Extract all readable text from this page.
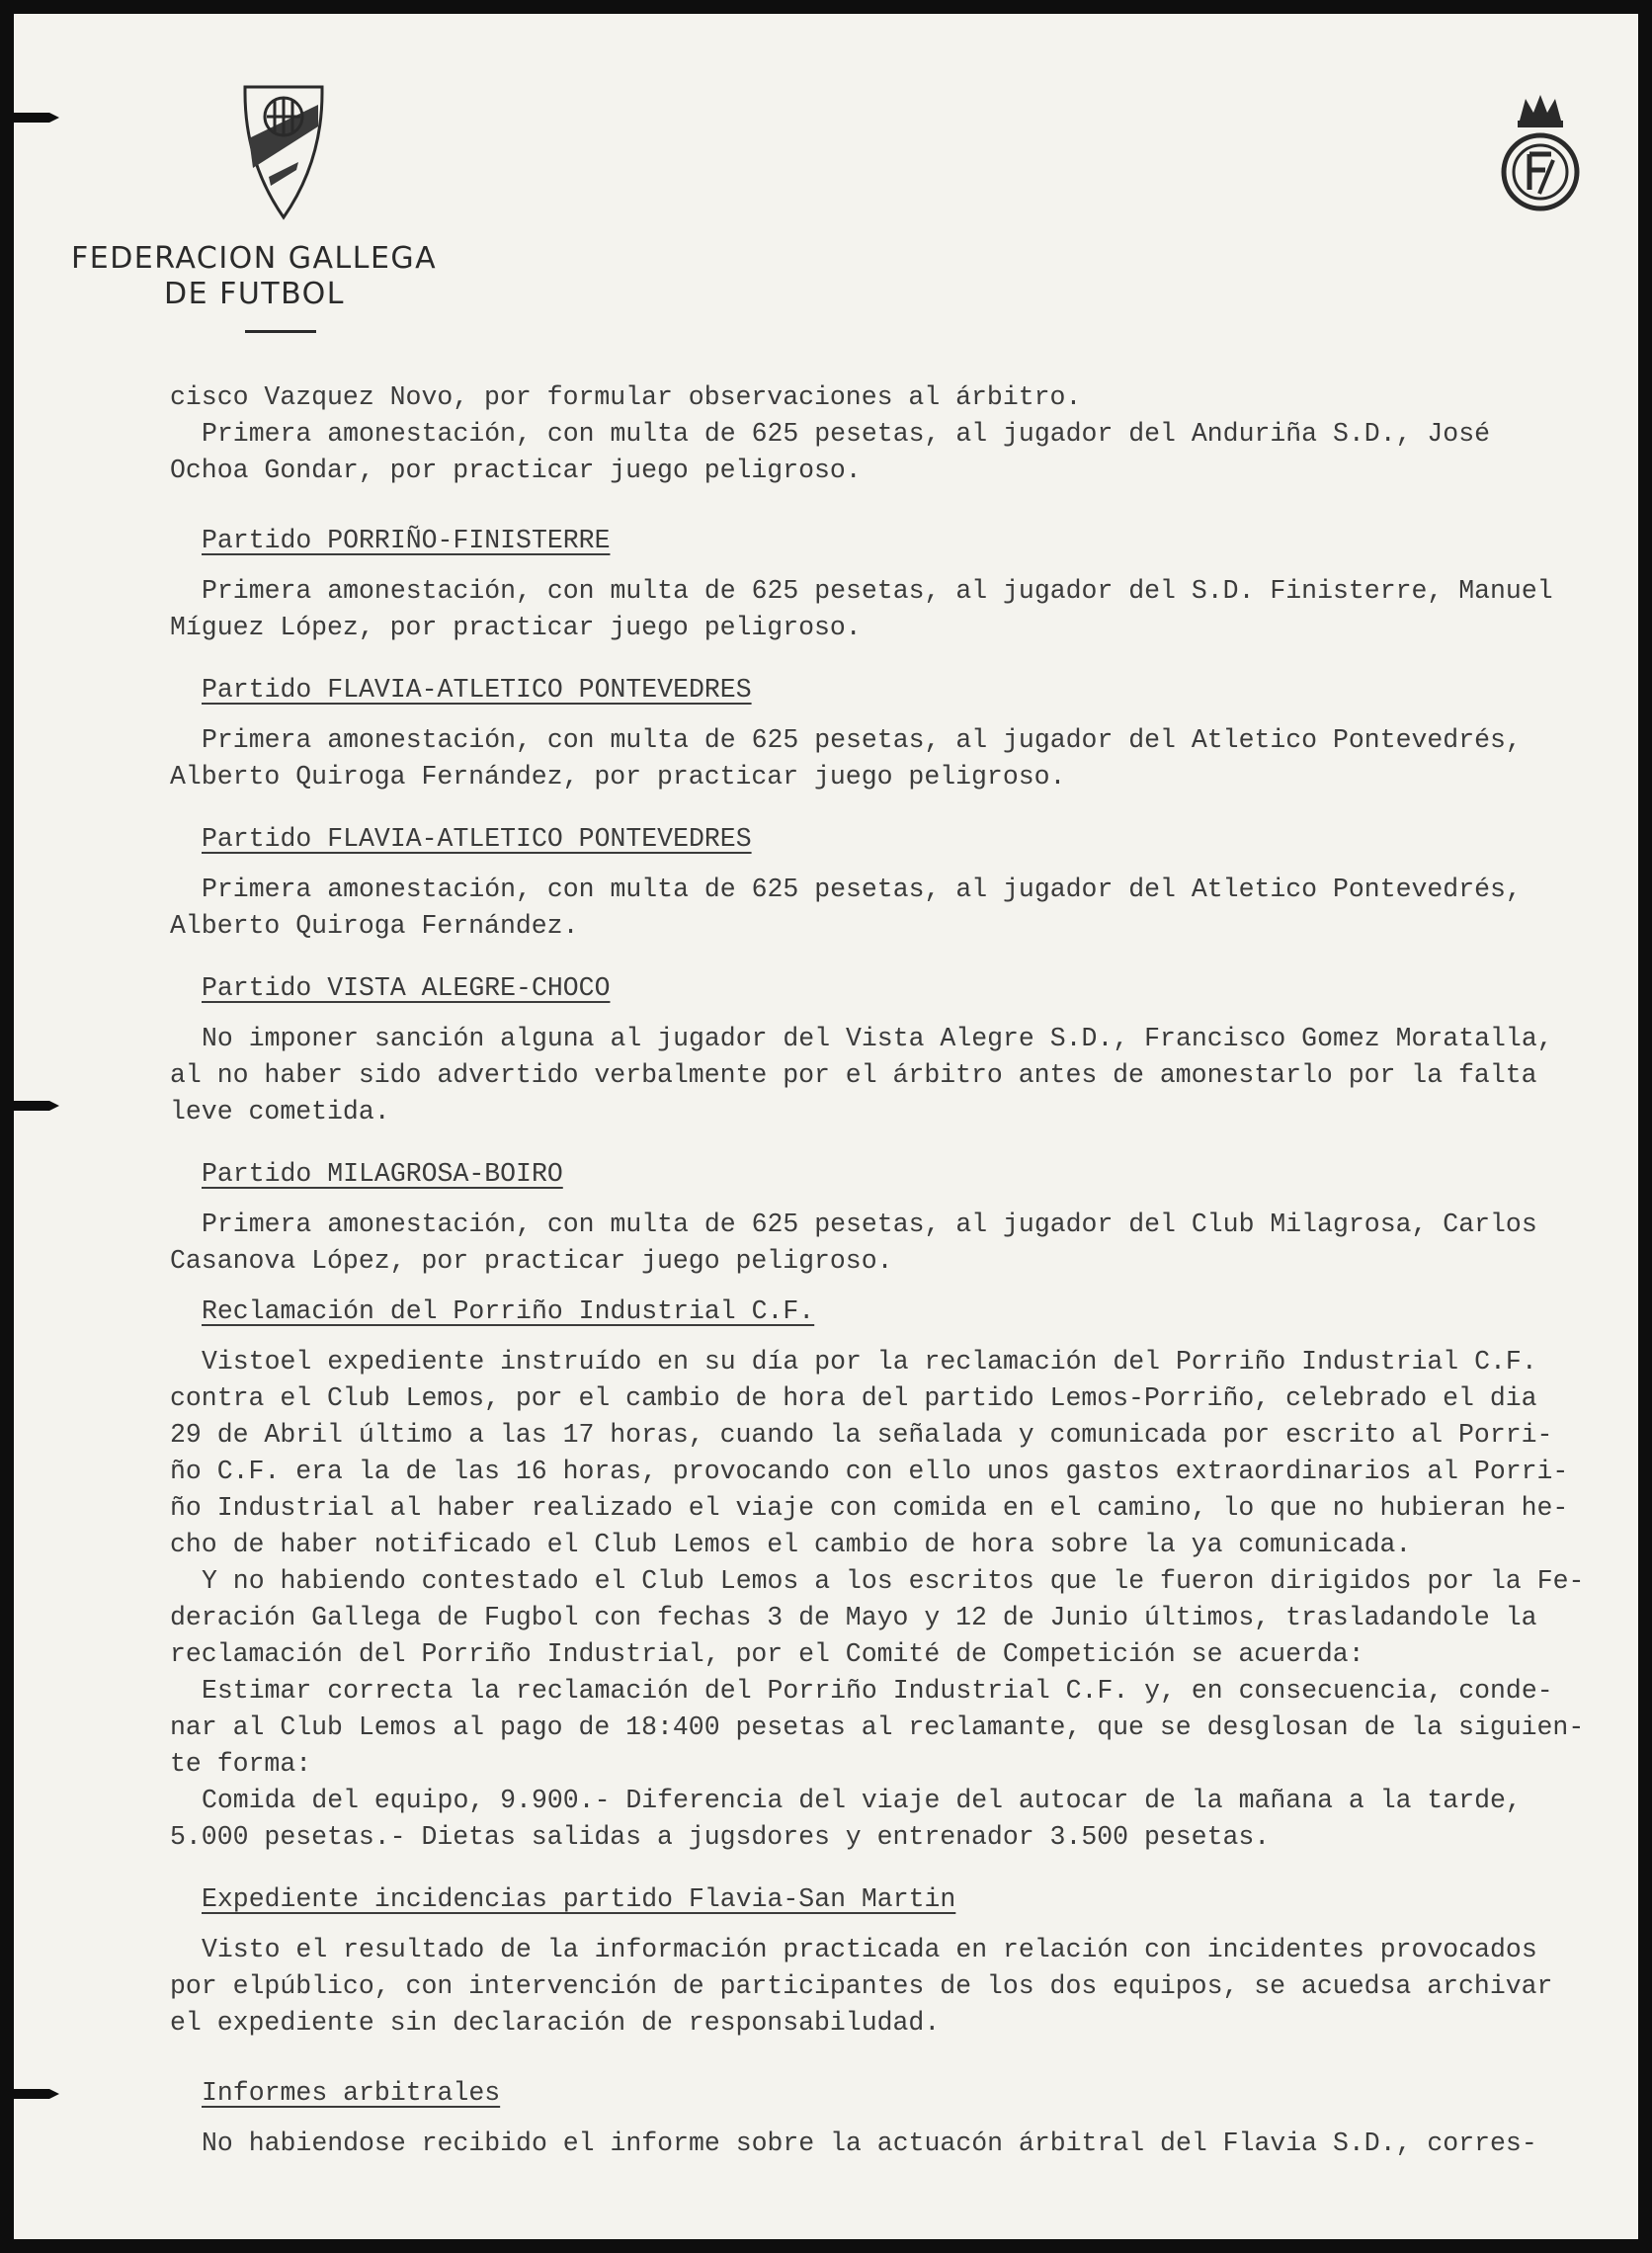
FEDERACION GALLEGA
DE FUTBOL

cisco Vazquez Novo, por formular observaciones al árbitro.

Primera amonestación, con multa de 625 pesetas, al jugador del Anduriña S.D., José

Ochoa Gondar, por practicar juego peligroso.

Partido PORRIÑO-FINISTERRE

Primera amonestación, con multa de 625 pesetas, al jugador del S.D. Finisterre, Manuel

Míguez López, por practicar juego peligroso.

Partido FLAVIA-ATLETICO PONTEVEDRES

Primera amonestación, con multa de 625 pesetas, al jugador del Atletico Pontevedrés,

Alberto Quiroga Fernández, por practicar juego peligroso.

Partido FLAVIA-ATLETICO PONTEVEDRES

Primera amonestación, con multa de 625 pesetas, al jugador del Atletico Pontevedrés,

Alberto Quiroga Fernández.

Partido VISTA ALEGRE-CHOCO

No imponer sanción alguna al jugador del Vista Alegre S.D., Francisco Gomez Moratalla,

al no haber sido advertido verbalmente por el árbitro antes de amonestarlo por la falta

leve cometida.

Partido MILAGROSA-BOIRO

Primera amonestación, con multa de 625 pesetas, al jugador del Club Milagrosa, Carlos

Casanova López, por practicar juego peligroso.

Reclamación del Porriño Industrial C.F.

Vistoel expediente instruído en su día por la reclamación del Porriño Industrial C.F.

contra el Club Lemos, por el cambio de hora del partido Lemos-Porriño, celebrado el dia

29 de Abril último a las 17 horas, cuando la señalada y comunicada por escrito al Porri-

ño C.F. era la de las 16 horas, provocando con ello unos gastos extraordinarios al Porri-

ño Industrial al haber realizado el viaje con comida en el camino, lo que no hubieran he-

cho de haber notificado el Club Lemos el cambio de hora sobre la ya comunicada.

Y no habiendo contestado el Club Lemos a los escritos que le fueron dirigidos por la Fe-

deración Gallega de Fugbol con fechas 3 de Mayo y 12 de Junio últimos, trasladandole la

reclamación del Porriño Industrial, por el Comité de Competición se acuerda:

Estimar correcta la reclamación del Porriño Industrial C.F. y, en consecuencia, conde-

nar al Club Lemos al pago de 18:400 pesetas al reclamante, que se desglosan de la siguien-

te forma:

Comida del equipo, 9.900.- Diferencia del viaje del autocar de la mañana a la tarde,

5.000 pesetas.- Dietas salidas a jugsdores y entrenador 3.500 pesetas.

Expediente incidencias partido Flavia-San Martin

Visto el resultado de la información practicada en relación con incidentes provocados

por elpúblico, con intervención de participantes de los dos equipos, se acuedsa archivar

el expediente sin declaración de responsabiludad.

Informes arbitrales

No habiendose recibido el informe sobre la actuacón árbitral del Flavia S.D., corres-
